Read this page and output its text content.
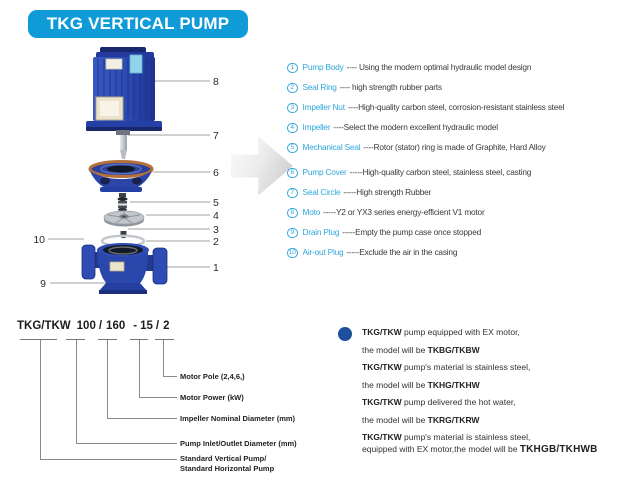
TKG VERTICAL PUMP
8
7
6
5
4
3
2
1
10
9
1 Pump Body ---- Using the modern optimal hydraulic model design
2 Seal Ring ---- high strength rubber parts
3 Impeller Nut ----High-quality carbon steel, corrosion-resistant stainless steel
4 Impeller ----Select the modern excellent hydraulic model
5 Mechanical Seal ----Rotor (stator) ring is made of Graphite, Hard Alloy
6 Pump Cover -----High-quality carbon steel, stainless steel, casting
7 Seal Circle -----High strength Rubber
8 Moto -----Y2 or YX3 series energy-efficient V1 motor
9 Drain Plug -----Empty the pump case once stopped
10 Air-out Plug -----Exclude the air in the casing
TKG/TKW 100 / 160 - 15 / 2
Motor Pole (2,4,6,)
Motor Power (kW)
Impeller Nominal Diameter (mm)
Pump Inlet/Outlet Diameter (mm)
Standard Vertical Pump/
Standard Horizontal Pump
TKG/TKW pump equipped with EX motor,
the model will be TKBG/TKBW
TKG/TKW pump's material is stainless steel,
the model will be TKHG/TKHW
TKG/TKW pump delivered the hot water,
the model will be TKRG/TKRW
TKG/TKW pump's material is stainless steel,
equipped with EX motor,the model will be TKHGB/TKHWB
